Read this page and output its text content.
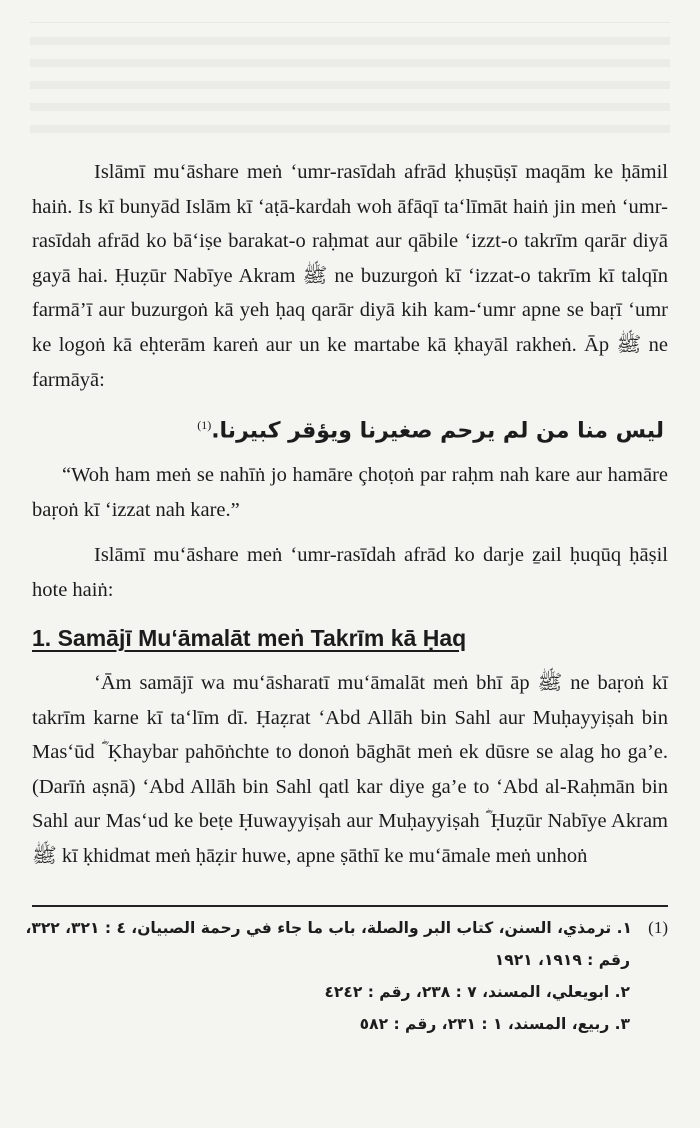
Islāmī mu‘āshare meṅ ‘umr-rasīdah afrād ḳhuṣūṣī maqām ke ḥāmil haiṅ. Is kī bunyād Islām kī ‘aṭā-kardah woh āfāqī ta‘līmāt haiṅ jin meṅ ‘umr-rasīdah afrād ko bā‘iṣe barakat-o raḥmat aur qābile ‘izzt-o takrīm qarār diyā gayā hai. Ḥuẓūr Nabīye Akram ﷺ ne buzurgoṅ kī ‘izzat-o takrīm kī talqīn farmā’ī aur buzurgoṅ kā yeh ḥaq qarār diyā kih kam-‘umr apne se baṛī ‘umr ke logoṅ kā eḥterām kareṅ aur un ke martabe kā ḳhayāl rakheṅ. Āp ﷺ ne farmāyā:

ليس منا من لم يرحم صغيرنا ويؤقر كبيرنا.$^{(1)}$

“Woh ham meṅ se nahīṅ jo hamāre çhoṭoṅ par raḥm nah kare aur hamāre baṛoṅ kī ‘izzat nah kare.”

Islāmī mu‘āshare meṅ ‘umr-rasīdah afrād ko darje ẕail ḥuqūq ḥāṣil hote haiṅ:

1. Samājī Mu‘āmalāt meṅ Takrīm kā Ḥaq

‘Ām samājī wa mu‘āsharatī mu‘āmalāt meṅ bhī āp ﷺ ne baṛoṅ kī takrīm karne kī ta‘līm dī. Ḥaẓrat ‘Abd Allāh bin Sahl aur Muḥayyiṣah bin Mas‘ūd ؓ Ḳhaybar pahōṅchte to donoṅ bāghāt meṅ ek dūsre se alag ho ga’e. (Darīṅ aṣnā) ‘Abd Allāh bin Sahl qatl kar diye ga’e to ‘Abd al-Raḥmān bin Sahl aur Mas‘ud ke beṭe Ḥuwayyiṣah aur Muḥayyiṣah ؓ Ḥuẓūr Nabīye Akram ﷺ kī ḳhidmat meṅ ḥāẓir huwe, apne ṣāthī ke mu‘āmale meṅ unhoṅ

(1)   ١. ترمذي، السنن، كتاب البر والصلة، باب ما جاء في رحمة الصبيان، ٤ : ٣٢١، ٣٢٢،
رقم : ١٩١٩، ١٩٢١
٢. ابويعلي، المسند، ٧ : ٢٣٨، رقم : ٤٢٤٢
٣. ربيع، المسند، ١ : ٢٣١، رقم : ٥٨٢
